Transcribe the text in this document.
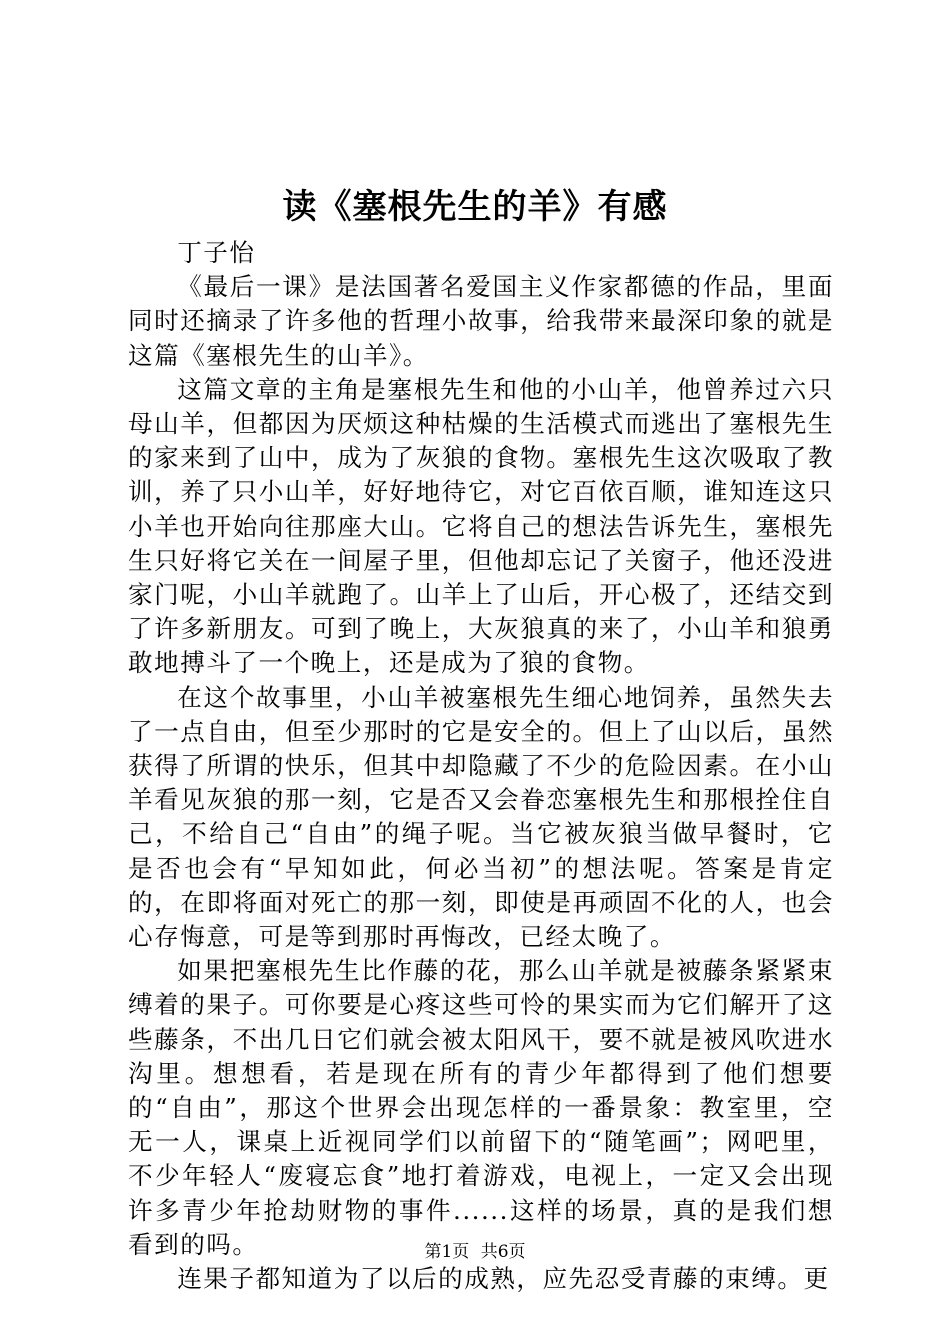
读《塞根先生的羊》有感

丁子怡

《最后一课》是法国著名爱国主义作家都德的作品，里面同时还摘录了许多他的哲理小故事，给我带来最深印象的就是这篇《塞根先生的山羊》。

这篇文章的主角是塞根先生和他的小山羊，他曾养过六只母山羊，但都因为厌烦这种枯燥的生活模式而逃出了塞根先生的家来到了山中，成为了灰狼的食物。塞根先生这次吸取了教训，养了只小山羊，好好地待它，对它百依百顺，谁知连这只小羊也开始向往那座大山。它将自己的想法告诉先生，塞根先生只好将它关在一间屋子里，但他却忘记了关窗子，他还没进家门呢，小山羊就跑了。山羊上了山后，开心极了，还结交到了许多新朋友。可到了晚上，大灰狼真的来了，小山羊和狼勇敢地搏斗了一个晚上，还是成为了狼的食物。

在这个故事里，小山羊被塞根先生细心地饲养，虽然失去了一点自由，但至少那时的它是安全的。但上了山以后，虽然获得了所谓的快乐，但其中却隐藏了不少的危险因素。在小山羊看见灰狼的那一刻，它是否又会眷恋塞根先生和那根拴住自己，不给自己“自由”的绳子呢。当它被灰狼当做早餐时，它是否也会有“早知如此，何必当初”的想法呢。答案是肯定的，在即将面对死亡的那一刻，即使是再顽固不化的人，也会心存悔意，可是等到那时再悔改，已经太晚了。

如果把塞根先生比作藤的花，那么山羊就是被藤条紧紧束缚着的果子。可你要是心疼这些可怜的果实而为它们解开了这些藤条，不出几日它们就会被太阳风干，要不就是被风吹进水沟里。想想看，若是现在所有的青少年都得到了他们想要的“自由”，那这个世界会出现怎样的一番景象：教室里，空无一人，课桌上近视同学们以前留下的“随笔画”；网吧里，不少年轻人“废寝忘食”地打着游戏，电视上，一定又会出现许多青少年抢劫财物的事件......这样的场景，真的是我们想看到的吗。

连果子都知道为了以后的成熟，应先忍受青藤的束缚。更

第1页 共6页
